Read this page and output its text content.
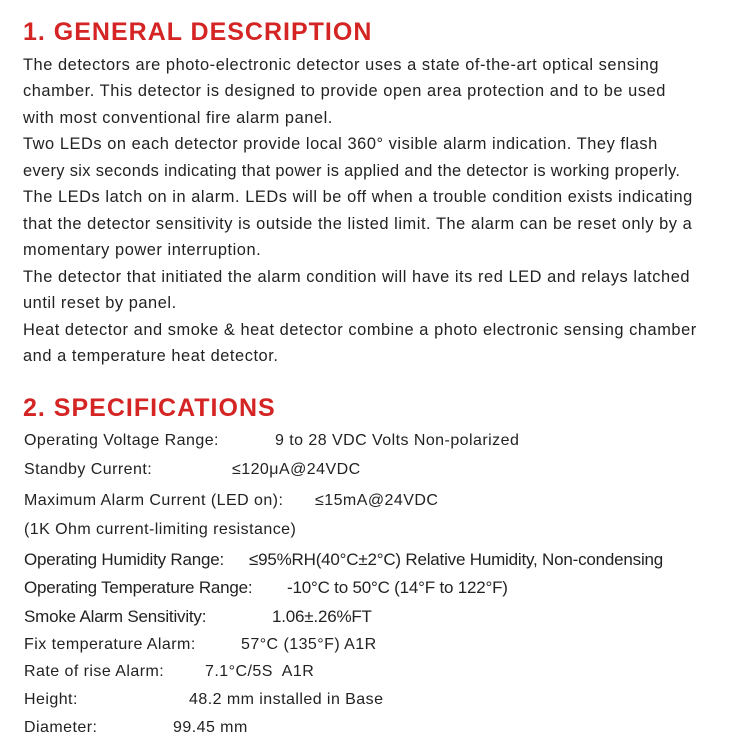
1. GENERAL DESCRIPTION
The detectors are photo-electronic detector uses a state of-the-art optical sensing
chamber. This detector is designed to provide open area protection and to be used
with most conventional fire alarm panel.
Two LEDs on each detector provide local 360° visible alarm indication. They flash
every six seconds indicating that power is applied and the detector is working properly.
The LEDs latch on in alarm. LEDs will be off when a trouble condition exists indicating
that the detector sensitivity is outside the listed limit. The alarm can be reset only by a
momentary power interruption.
The detector that initiated the alarm condition will have its red LED and relays latched
until reset by panel.
Heat detector and smoke & heat detector combine a photo electronic sensing chamber
and a temperature heat detector.
2. SPECIFICATIONS
Operating Voltage Range:	9 to 28 VDC Volts Non-polarized
Standby Current:	≤120μA@24VDC
Maximum Alarm Current (LED on): ≤15mA@24VDC
(1K Ohm current-limiting resistance)
Operating Humidity Range: ≤95%RH(40°C±2°C) Relative Humidity, Non-condensing
Operating Temperature Range: -10°C to 50°C (14°F to 122°F)
Smoke Alarm Sensitivity:	1.06±.26%FT
Fix temperature Alarm:	57°C (135°F) A1R
Rate of rise Alarm:	7.1°C/5S  A1R
Height:	48.2 mm installed in Base
Diameter:	99.45 mm
